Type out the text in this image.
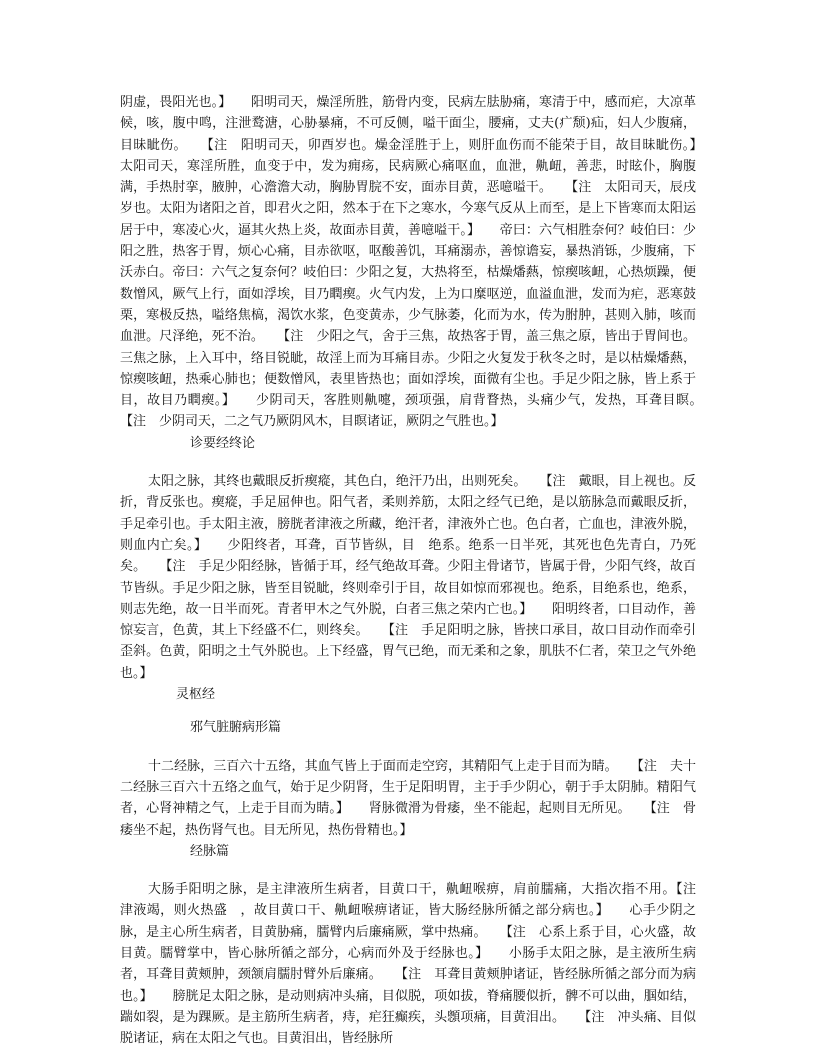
阴虚，畏阳光也。】　　阳明司天，燥淫所胜，筋骨内变，民病左胠胁痛，寒清于中，感而疟，大凉革候，咳，腹中鸣，注泄鹜溏，心胁暴痛，不可反侧，嗌干面尘，腰痛，丈夫(疒颓)疝，妇人少腹痛，目昧眦伤。　　【注　阳明司天，卯酉岁也。燥金淫胜于上，则肝血伤而不能荣于目，故目昧眦伤。】　　太阳司天，寒淫所胜，血变于中，发为痈疡，民病厥心痛呕血，血泄，鼽衄，善悲，时眩仆，胸腹满，手热肘挛，腋肿，心澹澹大动，胸胁胃脘不安，面赤目黄，恶噫嗌干。　　【注　太阳司天，辰戌岁也。太阳为诸阳之首，即君火之阳，然本于在下之寒水，今寒气反从上而至，是上下皆寒而太阳运居于中，寒凌心火，逼其火热上炎，故面赤目黄，善噫嗌干。】　　帝曰：六气相胜奈何？岐伯曰：少阳之胜，热客于胃，烦心心痛，目赤欲呕，呕酸善饥，耳痛溺赤，善惊谵妄，暴热消铄，少腹痛，下沃赤白。帝曰：六气之复奈何？岐伯曰：少阳之复，大热将至，枯燥燔爇，惊瘈咳衄，心热烦躁，便数憎风，厥气上行，面如浮埃，目乃瞤瘈。火气内发，上为口糜呕逆，血溢血泄，发而为疟，恶寒鼓栗，寒极反热，嗌络焦槁，渴饮水浆，色变黄赤，少气脉萎，化而为水，传为胕肿，甚则入肺，咳而血泄。尺泽绝，死不治。　　【注　少阳之气，舍于三焦，故热客于胃，盖三焦之原，皆出于胃间也。三焦之脉，上入耳中，络目锐眦，故淫上而为耳痛目赤。少阳之火复发于秋冬之时，是以枯燥燔爇，惊瘈咳衄，热乘心肺也；便数憎风，表里皆热也；面如浮埃，面微有尘也。手足少阳之脉，皆上系于目，故目乃瞤瘈。】　　少阴司天，客胜则鼽嚏，颈项强，肩背瞀热，头痛少气，发热，耳聋目瞑。　　【注　少阴司天，二之气乃厥阴风木，目瞑诸证，厥阴之气胜也。】

诊要经终论

太阳之脉，其终也戴眼反折瘈瘲，其色白，绝汗乃出，出则死矣。　　【注　戴眼，目上视也。反折，背反张也。瘈瘲，手足屈伸也。阳气者，柔则养筋，太阳之经气已绝，是以筋脉急而戴眼反折，手足牵引也。手太阳主液，膀胱者津液之所藏，绝汗者，津液外亡也。色白者，亡血也，津液外脱，则血内亡矣。】　　少阳终者，耳聋，百节皆纵，目　绝系。绝系一日半死，其死也色先青白，乃死矣。　　【注　手足少阳经脉，皆循于耳，经气绝故耳聋。少阳主骨诸节，皆属于骨，少阳气终，故百节皆纵。手足少阳之脉，皆至目锐眦，终则牵引于目，故目如惊而邪视也。绝系，目绝系也，绝系，则志先绝，故一日半而死。青者甲木之气外脱，白者三焦之荣内亡也。】　　阳明终者，口目动作，善惊妄言，色黄，其上下经盛不仁，则终矣。　　【注　手足阳明之脉，皆挟口承目，故口目动作而牵引歪斜。色黄，阳明之土气外脱也。上下经盛，胃气已绝，而无柔和之象，肌肤不仁者，荣卫之气外绝也。】

灵枢经

邪气脏腑病形篇

十二经脉，三百六十五络，其血气皆上于面而走空窍，其精阳气上走于目而为睛。　　【注　夫十二经脉三百六十五络之血气，始于足少阴肾，生于足阳明胃，主于手少阴心，朝于手太阴肺。精阳气者，心肾神精之气，上走于目而为睛。】　　肾脉微滑为骨痿，坐不能起，起则目无所见。　　【注　骨痿坐不起，热伤肾气也。目无所见，热伤骨精也。】

经脉篇

大肠手阳明之脉，是主津液所生病者，目黄口干，鼽衄喉痹，肩前臑痛，大指次指不用。【注　津液竭，则火热盛　，故目黄口干、鼽衄喉痹诸证，皆大肠经脉所循之部分病也。】　　心手少阴之脉，是主心所生病者，目黄胁痛，臑臂内后廉痛厥，掌中热痛。　　【注　心系上系于目，心火盛，故目黄。臑臂掌中，皆心脉所循之部分，心病而外及于经脉也。】　　小肠手太阳之脉，是主液所生病者，耳聋目黄颊肿，颈颔肩臑肘臂外后廉痛。　　【注　耳聋目黄颊肿诸证，皆经脉所循之部分而为病也。】　　膀胱足太阳之脉，是动则病冲头痛，目似脱，项如拔，脊痛腰似折，髀不可以曲，腘如结，踹如裂，是为踝厥。是主筋所生病者，痔，疟狂癫疾，头顖项痛，目黄泪出。　　【注　冲头痛、目似脱诸证，病在太阳之气也。目黄泪出，皆经脉所
